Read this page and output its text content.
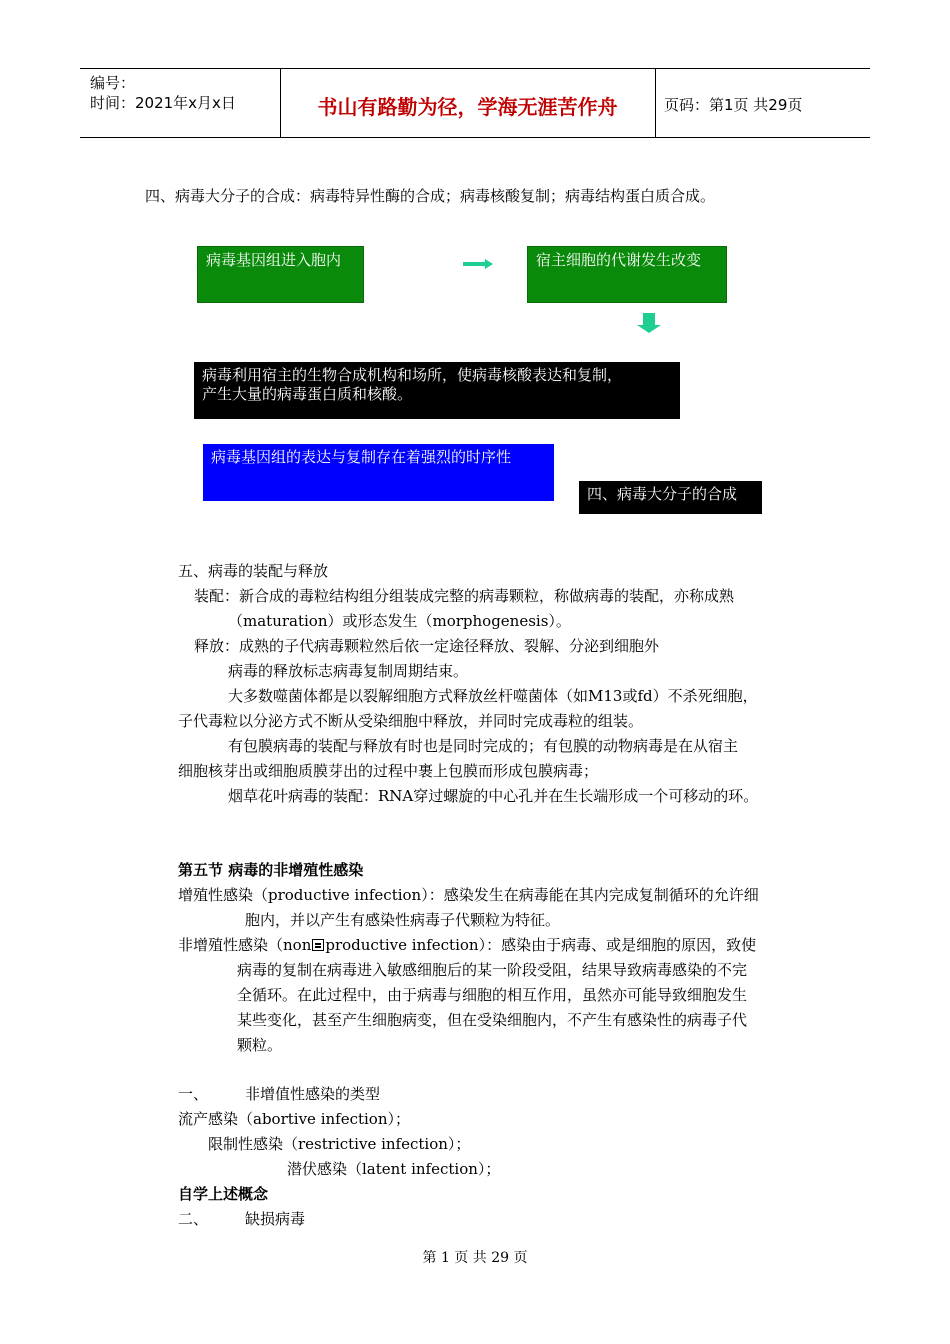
编号：
时间：2021年x月x日	书山有路勤为径，学海无涯苦作舟	页码：第1页 共29页
四、病毒大分子的合成：病毒特异性酶的合成；病毒核酸复制；病毒结构蛋白质合成。
病毒基因组进入胞内	宿主细胞的代谢发生改变
病毒利用宿主的生物合成机构和场所，使病毒核酸表达和复制，
产生大量的病毒蛋白质和核酸。
病毒基因组的表达与复制存在着强烈的时序性
四、病毒大分子的合成
五、病毒的装配与释放
装配：新合成的毒粒结构组分组装成完整的病毒颗粒，称做病毒的装配，亦称成熟
（maturation）或形态发生（morphogenesis）。
释放：成熟的子代病毒颗粒然后依一定途径释放、裂解、分泌到细胞外
病毒的释放标志病毒复制周期结束。
大多数噬菌体都是以裂解细胞方式释放丝杆噬菌体（如M13或fd）不杀死细胞，
子代毒粒以分泌方式不断从受染细胞中释放，并同时完成毒粒的组装。
有包膜病毒的装配与释放有时也是同时完成的；有包膜的动物病毒是在从宿主
细胞核芽出或细胞质膜芽出的过程中裹上包膜而形成包膜病毒；
烟草花叶病毒的装配：RNA穿过螺旋的中心孔并在生长端形成一个可移动的环。
第五节 病毒的非增殖性感染
增殖性感染（productive infection）：感染发生在病毒能在其内完成复制循环的允许细
胞内，并以产生有感染性病毒子代颗粒为特征。
非增殖性感染（non productive infection）：感染由于病毒、或是细胞的原因，致使
病毒的复制在病毒进入敏感细胞后的某一阶段受阻，结果导致病毒感染的不完
全循环。在此过程中，由于病毒与细胞的相互作用，虽然亦可能导致细胞发生
某些变化，甚至产生细胞病变，但在受染细胞内，不产生有感染性的病毒子代
颗粒。
一、 非增值性感染的类型
流产感染（abortive infection）；
限制性感染（restrictive infection）；
潜伏感染（latent infection）；
自学上述概念
二、 缺损病毒
第 1 页 共 29 页
